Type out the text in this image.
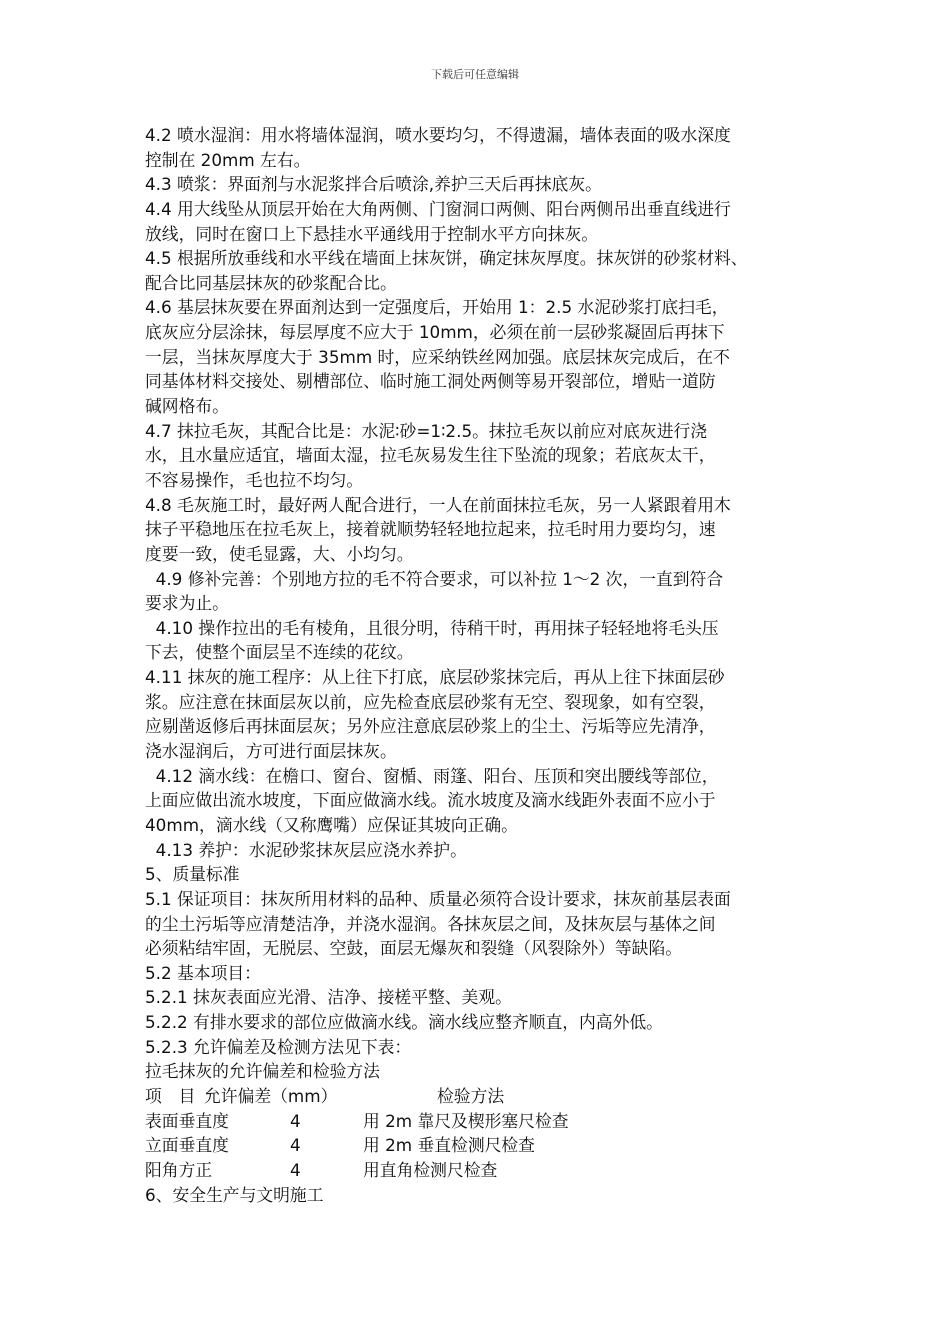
下载后可任意编辑
4.2 喷水湿润：用水将墙体湿润，喷水要均匀，不得遗漏，墙体表面的吸水深度
控制在 20mm 左右。
4.3 喷浆：界面剂与水泥浆拌合后喷涂,养护三天后再抹底灰。
4.4 用大线坠从顶层开始在大角两侧、门窗洞口两侧、阳台两侧吊出垂直线进行
放线，同时在窗口上下悬挂水平通线用于控制水平方向抹灰。
4.5 根据所放垂线和水平线在墙面上抹灰饼，确定抹灰厚度。抹灰饼的砂浆材料、
配合比同基层抹灰的砂浆配合比。
4.6 基层抹灰要在界面剂达到一定强度后，开始用 1：2.5 水泥砂浆打底扫毛，
底灰应分层涂抹，每层厚度不应大于 10mm，必须在前一层砂浆凝固后再抹下
一层，当抹灰厚度大于 35mm 时，应采纳铁丝网加强。底层抹灰完成后，在不
同基体材料交接处、剔槽部位、临时施工洞处两侧等易开裂部位，增贴一道防
碱网格布。
4.7 抹拉毛灰，其配合比是：水泥∶砂=1∶2.5。抹拉毛灰以前应对底灰进行浇
水，且水量应适宜，墙面太湿，拉毛灰易发生往下坠流的现象；若底灰太干，
不容易操作，毛也拉不均匀。
4.8 毛灰施工时，最好两人配合进行，一人在前面抹拉毛灰，另一人紧跟着用木
抹子平稳地压在拉毛灰上，接着就顺势轻轻地拉起来，拉毛时用力要均匀，速
度要一致，使毛显露，大、小均匀。
4.9 修补完善：个别地方拉的毛不符合要求，可以补拉 1～2 次，一直到符合
要求为止。
4.10 操作拉出的毛有棱角，且很分明，待稍干时，再用抹子轻轻地将毛头压
下去，使整个面层呈不连续的花纹。
4.11 抹灰的施工程序：从上往下打底，底层砂浆抹完后，再从上往下抹面层砂
浆。应注意在抹面层灰以前，应先检查底层砂浆有无空、裂现象，如有空裂，
应剔凿返修后再抹面层灰；另外应注意底层砂浆上的尘土、污垢等应先清净，
浇水湿润后，方可进行面层抹灰。
4.12 滴水线：在檐口、窗台、窗楯、雨篷、阳台、压顶和突出腰线等部位，
上面应做出流水坡度，下面应做滴水线。流水坡度及滴水线距外表面不应小于
40mm，滴水线（又称鹰嘴）应保证其坡向正确。
4.13 养护：水泥砂浆抹灰层应浇水养护。
5、质量标准
5.1 保证项目：抹灰所用材料的品种、质量必须符合设计要求，抹灰前基层表面
的尘土污垢等应清楚洁净，并浇水湿润。各抹灰层之间，及抹灰层与基体之间
必须粘结牢固，无脱层、空鼓，面层无爆灰和裂缝（风裂除外）等缺陷。
5.2 基本项目：
5.2.1 抹灰表面应光滑、洁净、接槎平整、美观。
5.2.2 有排水要求的部位应做滴水线。滴水线应整齐顺直，内高外低。
5.2.3 允许偏差及检测方法见下表：
拉毛抹灰的允许偏差和检验方法
项　目 允许偏差（mm）	检验方法
表面垂直度	4	用 2m 靠尺及楔形塞尺检查
立面垂直度	4	用 2m 垂直检测尺检查
阳角方正	4	用直角检测尺检查
6、安全生产与文明施工
